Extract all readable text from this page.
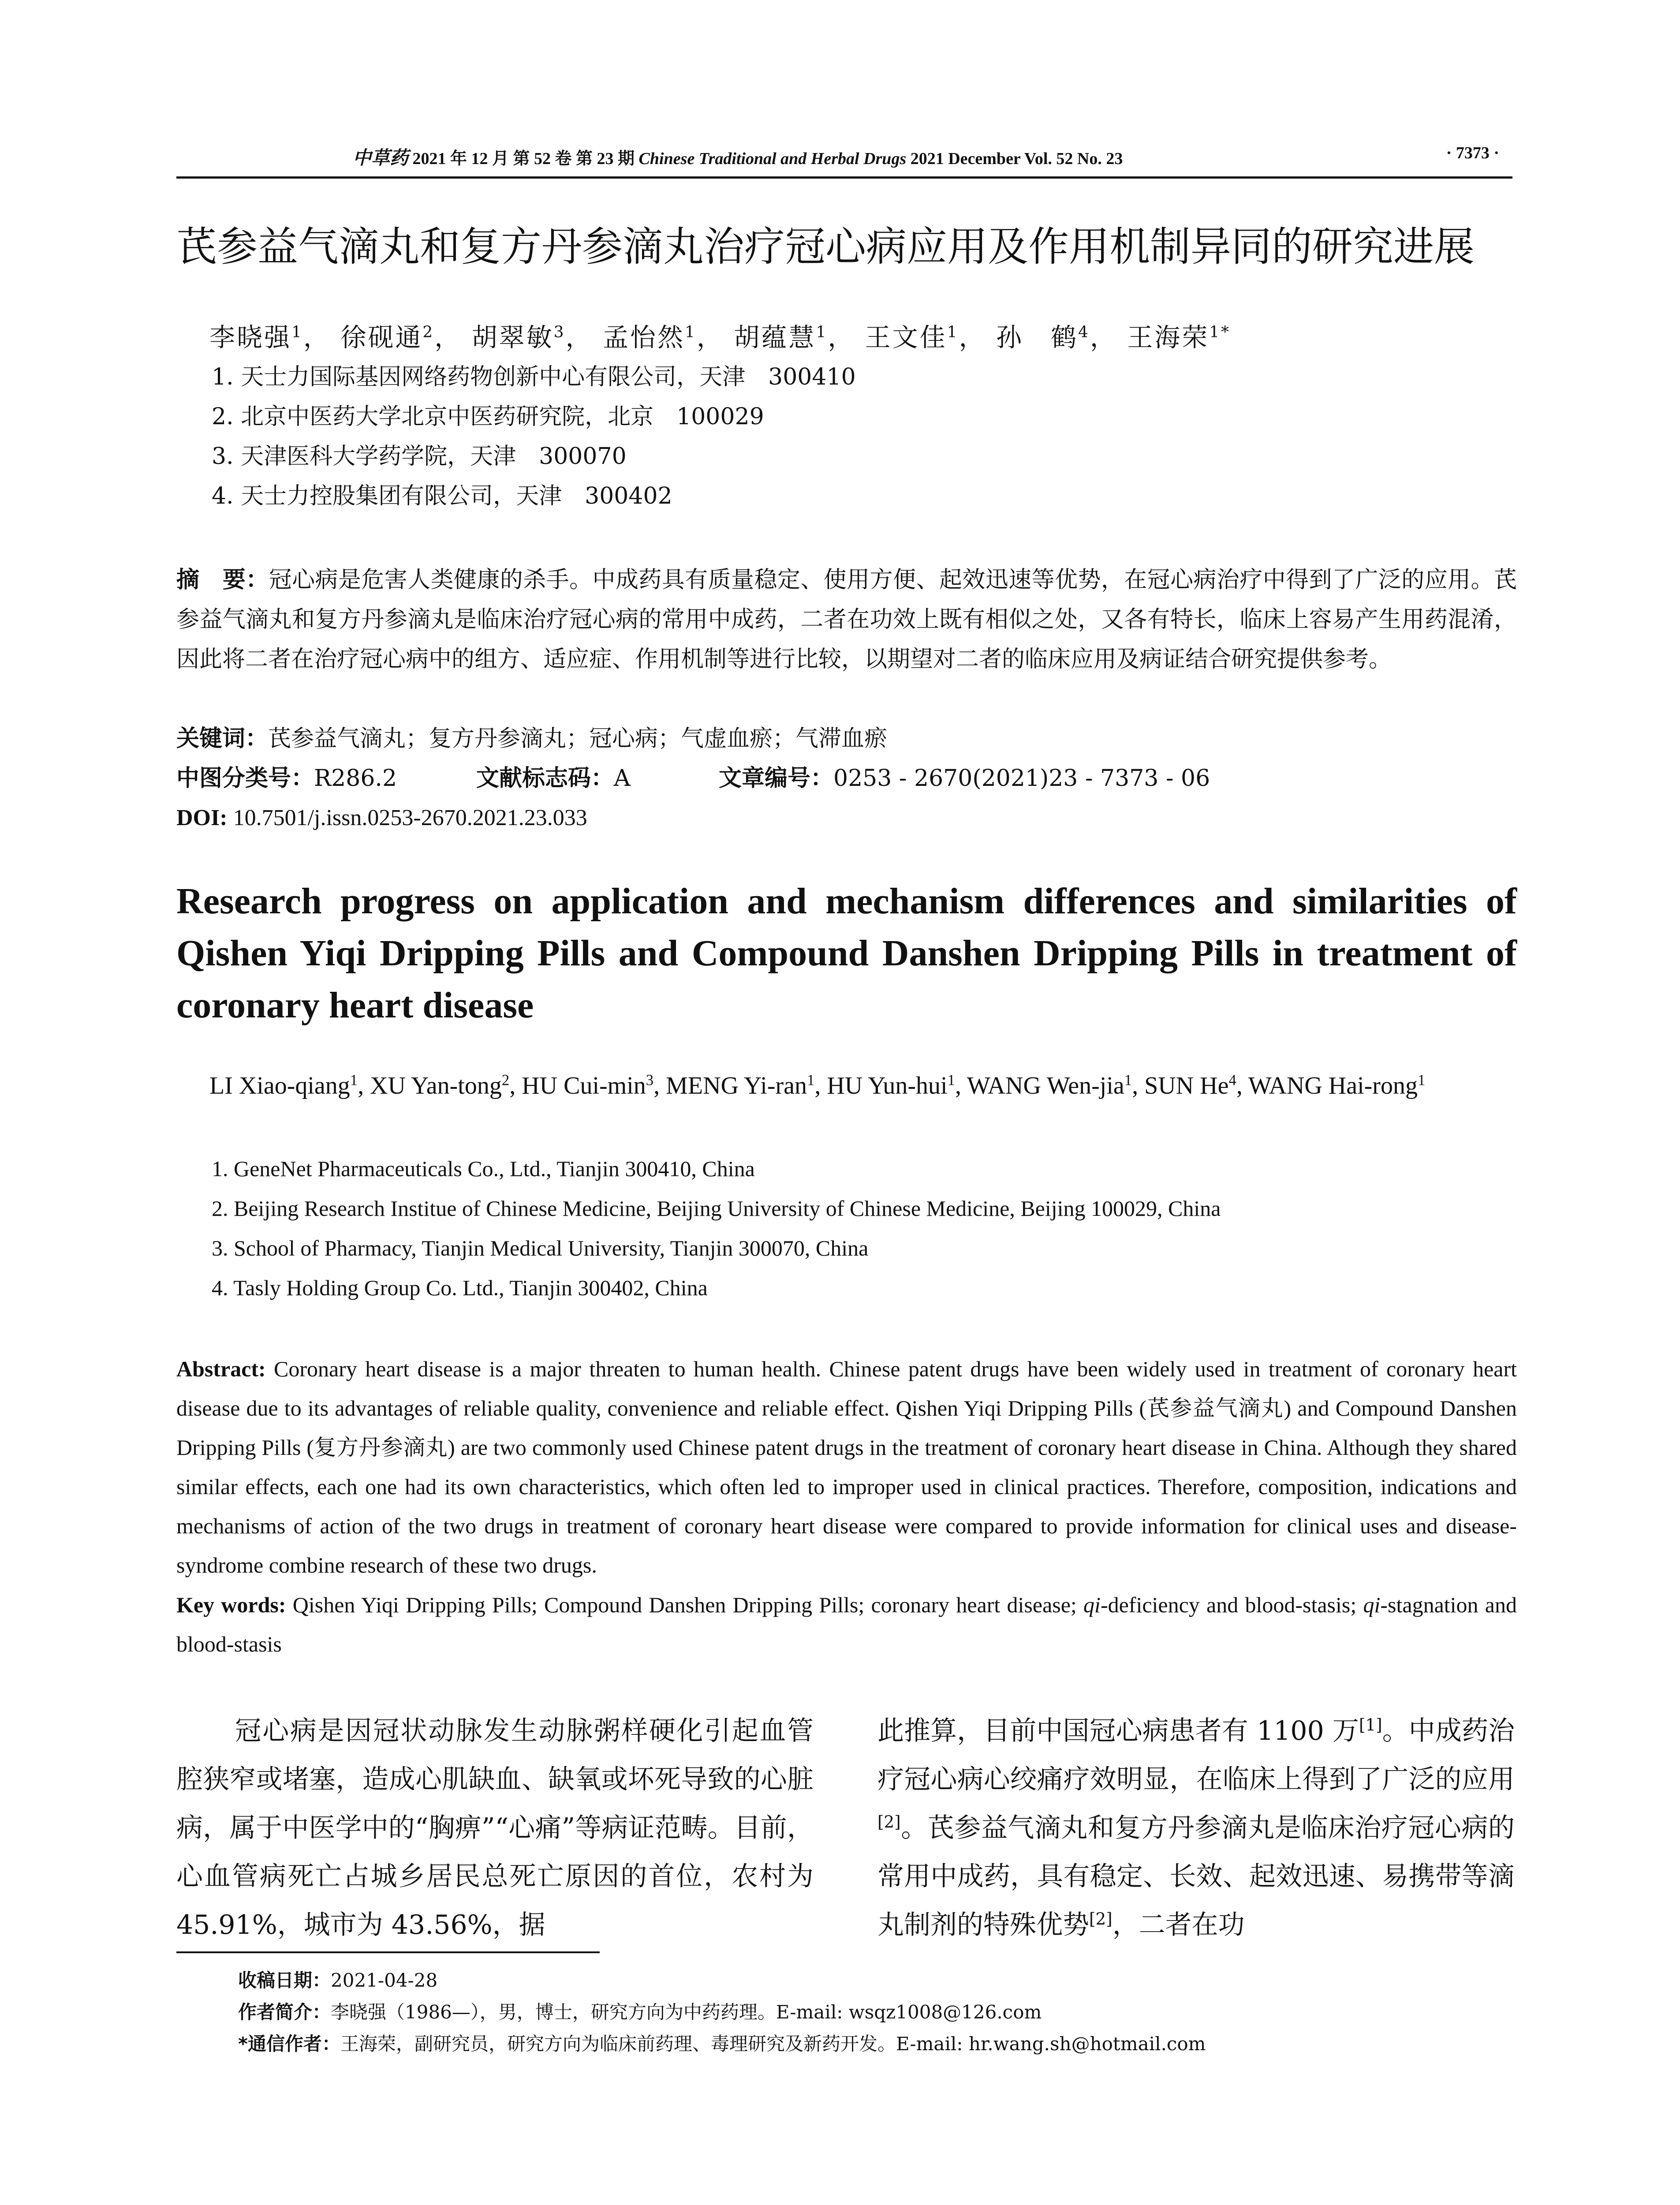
中草药 2021 年 12 月 第 52 卷 第 23 期 Chinese Traditional and Herbal Drugs 2021 December Vol. 52 No. 23	· 7373 ·
芪参益气滴丸和复方丹参滴丸治疗冠心病应用及作用机制异同的研究进展
李晓强$^1$， 徐砚通$^2$， 胡翠敏$^3$， 孟怡然$^1$， 胡蕴慧$^1$， 王文佳$^1$， 孙　鹤$^4$， 王海荣$^{1*}$
1. 天士力国际基因网络药物创新中心有限公司，天津　300410
2. 北京中医药大学北京中医药研究院，北京　100029
3. 天津医科大学药学院，天津　300070
4. 天士力控股集团有限公司，天津　300402
摘　要：冠心病是危害人类健康的杀手。中成药具有质量稳定、使用方便、起效迅速等优势，在冠心病治疗中得到了广泛的应用。芪参益气滴丸和复方丹参滴丸是临床治疗冠心病的常用中成药，二者在功效上既有相似之处，又各有特长，临床上容易产生用药混淆，因此将二者在治疗冠心病中的组方、适应症、作用机制等进行比较，以期望对二者的临床应用及病证结合研究提供参考。
关键词：芪参益气滴丸；复方丹参滴丸；冠心病；气虚血瘀；气滞血瘀
中图分类号：R286.2	文献标志码：A	文章编号：0253 - 2670(2021)23 - 7373 - 06
DOI: 10.7501/j.issn.0253-2670.2021.23.033
Research progress on application and mechanism differences and similarities of Qishen Yiqi Dripping Pills and Compound Danshen Dripping Pills in treatment of coronary heart disease
LI Xiao-qiang$^1$, XU Yan-tong$^2$, HU Cui-$\min^3$, MENG Yi-ran$^1$, HU Yun-hui$^1$, WANG Wen-jia$^1$, SUN He$^4$, WANG Hai-rong$^1$
1. GeneNet Pharmaceuticals Co., Ltd., Tianjin 300410, China
2. Beijing Research Institue of Chinese Medicine, Beijing University of Chinese Medicine, Beijing 100029, China
3. School of Pharmacy, Tianjin Medical University, Tianjin 300070, China
4. Tasly Holding Group Co. Ltd., Tianjin 300402, China
Abstract: Coronary heart disease is a major threaten to human health. Chinese patent drugs have been widely used in treatment of coronary heart disease due to its advantages of reliable quality, convenience and reliable effect. Qishen Yiqi Dripping Pills (芪参益气滴丸) and Compound Danshen Dripping Pills (复方丹参滴丸) are two commonly used Chinese patent drugs in the treatment of coronary heart disease in China. Although they shared similar effects, each one had its own characteristics, which often led to improper used in clinical practices. Therefore, composition, indications and mechanisms of action of the two drugs in treatment of coronary heart disease were compared to provide information for clinical uses and disease-syndrome combine research of these two drugs.
Key words: Qishen Yiqi Dripping Pills; Compound Danshen Dripping Pills; coronary heart disease; qi-deficiency and blood-stasis; qi-stagnation and blood-stasis
冠心病是因冠状动脉发生动脉粥样硬化引起血管腔狭窄或堵塞，造成心肌缺血、缺氧或坏死导致的心脏病，属于中医学中的“胸痹”“心痛”等病证范畴。目前，心血管病死亡占城乡居民总死亡原因的首位，农村为 45.91%，城市为 43.56%，据
此推算，目前中国冠心病患者有 1100 万[1]。中成药治疗冠心病心绞痛疗效明显，在临床上得到了广泛的应用[2]。芪参益气滴丸和复方丹参滴丸是临床治疗冠心病的常用中成药，具有稳定、长效、起效迅速、易携带等滴丸制剂的特殊优势[2]，二者在功
收稿日期：2021-04-28
作者简介：李晓强（1986—），男，博士，研究方向为中药药理。E-mail: wsqz1008@126.com
*通信作者：王海荣，副研究员，研究方向为临床前药理、毒理研究及新药开发。E-mail: hr.wang.sh@hotmail.com
